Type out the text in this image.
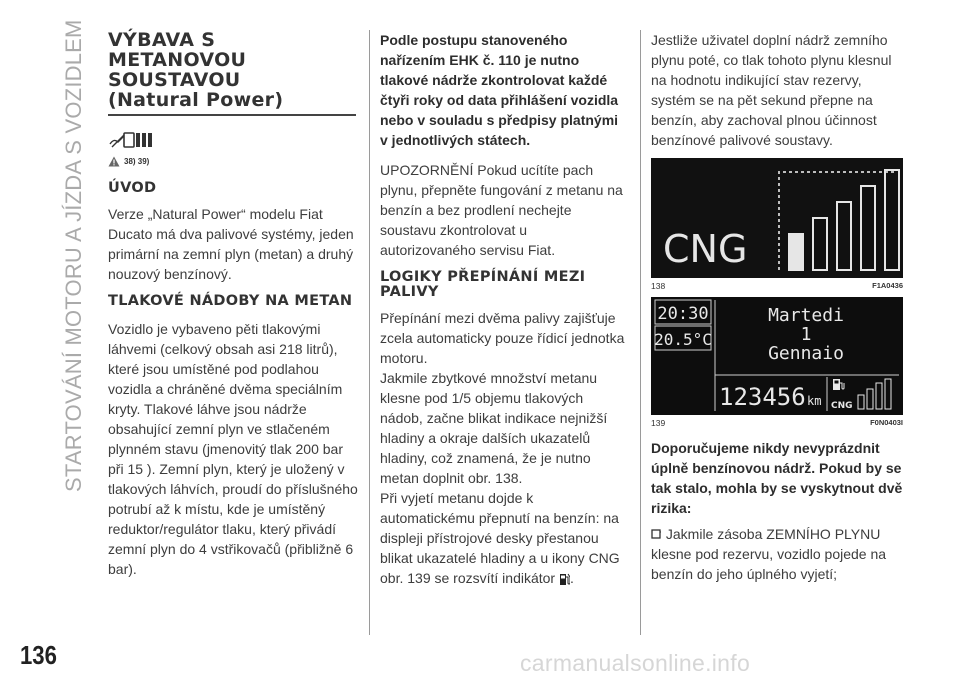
STARTOVÁNÍ MOTORU A JÍZDA S VOZIDLEM	VÝBAVA S
METANOVOU
SOUSTAVOU
(Natural Power)
38) 39)
ÚVOD

Verze „Natural Power“ modelu Fiat Ducato má dva palivové systémy, jeden primární na zemní plyn (metan) a druhý nouzový benzínový.

TLAKOVÉ NÁDOBY NA METAN

Vozidlo je vybaveno pěti tlakovými láhvemi (celkový obsah asi 218 litrů), které jsou umístěné pod podlahou vozidla a chráněné dvěma speciálním kryty. Tlakové láhve jsou nádrže obsahující zemní plyn ve stlačeném plynném stavu (jmenovitý tlak 200 bar při 15 ). Zemní plyn, který je uložený v tlakových láhvích, proudí do příslušného potrubí až k místu, kde je umístěný reduktor/regulátor tlaku, který přivádí zemní plyn do 4 vstřikovačů (přibližně 6 bar).

Podle postupu stanoveného nařízením EHK č. 110 je nutno tlakové nádrže zkontrolovat každé čtyři roky od data přihlášení vozidla nebo v souladu s předpisy platnými v jednotlivých státech.

UPOZORNĚNÍ Pokud ucítíte pach plynu, přepněte fungování z metanu na benzín a bez prodlení nechejte soustavu zkontrolovat u autorizovaného servisu Fiat.

LOGIKY PŘEPÍNÁNÍ MEZI PALIVY

Přepínání mezi dvěma palivy zajišťuje zcela automaticky pouze řídicí jednotka motoru.

Jakmile zbytkové množství metanu klesne pod 1/5 objemu tlakových nádob, začne blikat indikace nejnižší hladiny a okraje dalších ukazatelů hladiny, což znamená, že je nutno metan doplnit obr. 138.

Při vyjetí metanu dojde k automatickému přepnutí na benzín: na displeji přístrojové desky přestanou blikat ukazatelé hladiny a u ikony CNG obr. 139 se rozsvítí indikátor .

Jestliže uživatel doplní nádrž zemního plynu poté, co tlak tohoto plynu klesnul na hodnotu indikující stav rezervy, systém se na pět sekund přepne na benzín, aby zachoval plnou účinnost benzínové palivové soustavy.

CNG
138	F1A0436
20:30
20.5°C
Martedi
1
Gennaio
123456 km CNG
139	F0N0403I

Doporučujeme nikdy nevyprázdnit úplně benzínovou nádrž. Pokud by se tak stalo, mohla by se vyskytnout dvě rizika:

Jakmile zásoba ZEMNÍHO PLYNU klesne pod rezervu, vozidlo pojede na benzín do jeho úplného vyjetí;

136	carmanualsonline.info
